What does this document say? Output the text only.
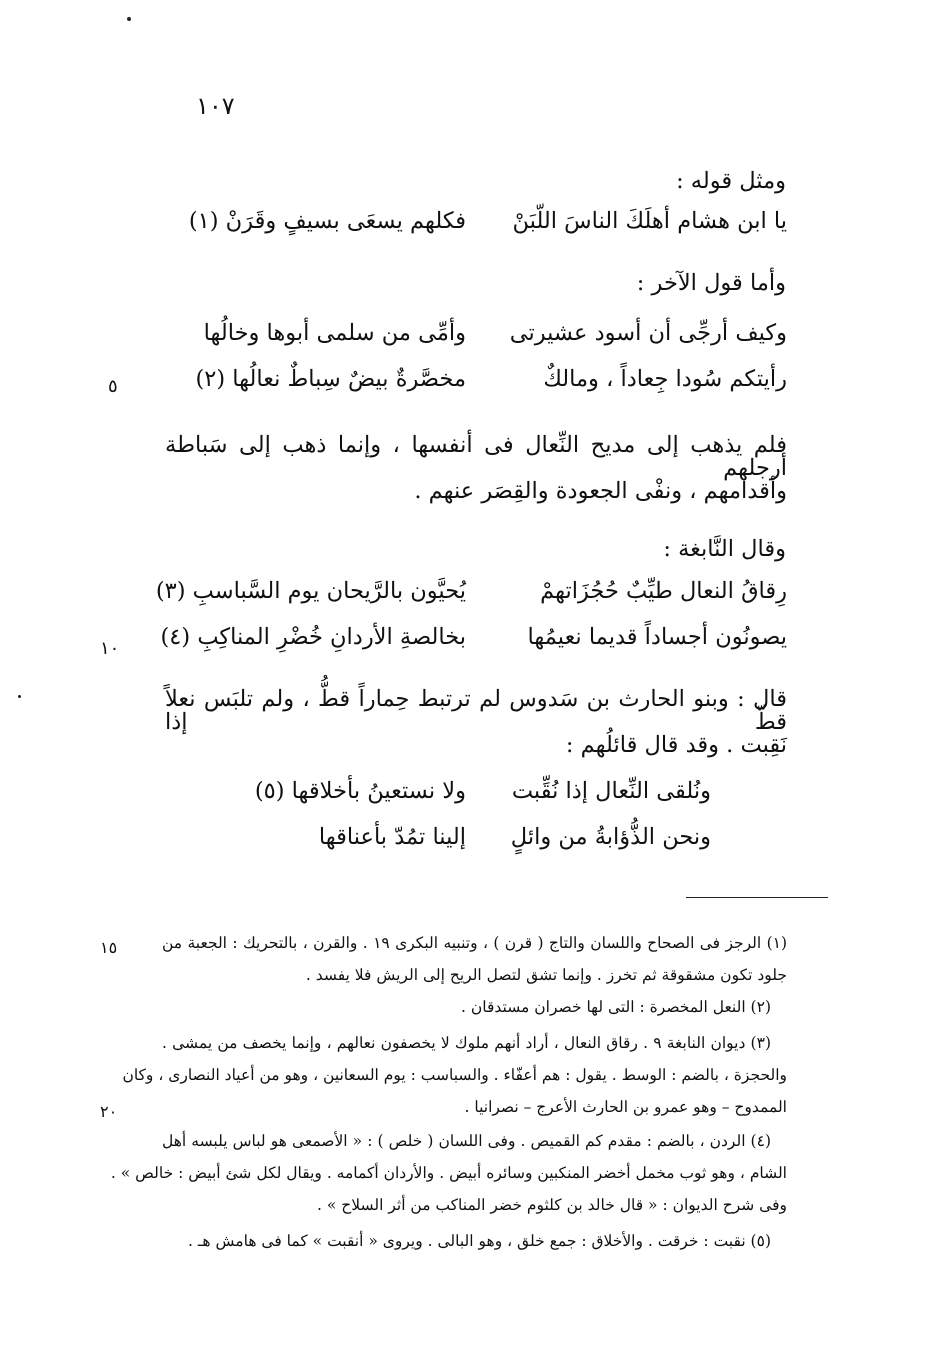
١٠٧
ومثل قوله :
يا ابن هشام أهلَكَ الناسَ اللّبَنْ
فكلهم يسعَى بسيفٍ وقَرَنْ (١)
وأما قول الآخر :
وكيف أرجِّى أن أسود عشيرتى
وأمِّى من سلمى أبوها وخالُها
رأيتكم سُودا جِعاداً ، ومالكٌ
مخصَّرةٌ بيضٌ سِباطٌ نعالُها (٢)
٥
فلم يذهب إلى مديح النِّعال فى أنفسها ، وإنما ذهب إلى سَباطة أرجلهم
وأقدامهم ، ونفْى الجعودة والقِصَر عنهم .
وقال النَّابغة :
رِقاقُ النعال طيِّبٌ حُجُزَاتهمْ
يُحيَّون بالرَّيحان يوم السَّباسبِ (٣)
يصونُون أجساداً قديما نعيمُها
بخالصةِ الأردانِ خُضْرِ المناكِبِ (٤)
١٠
قال : وبنو الحارث بن سَدوس لم ترتبط حِماراً قطُّ ، ولم تلبَس نعلاً قطّ إذا
نَقِبت . وقد قال قائلُهم :
ونُلقى النِّعال إذا نُقِّبت
ولا نستعينُ بأخلاقها (٥)
ونحن الذُّؤابةُ من وائلٍ
إلينا تمُدّ بأعناقها
(١) الرجز فى الصحاح واللسان والتاج ( قرن ) ، وتنبيه البكرى ١٩ . والقرن ، بالتحريك : الجعبة من
١٥
جلود تكون مشقوقة ثم تخرز . وإنما تشق لتصل الريح إلى الريش فلا يفسد .
(٢) النعل المخصرة : التى لها خصران مستدقان .
(٣) ديوان النابغة ٩ . رقاق النعال ، أراد أنهم ملوك لا يخصفون نعالهم ، وإنما يخصف من يمشى .
والحجزة ، بالضم : الوسط . يقول : هم أعفّاء . والسباسب : يوم السعانين ، وهو من أعياد النصارى ، وكان
الممدوح – وهو عمرو بن الحارث الأعرج – نصرانيا .
٢٠
(٤) الردن ، بالضم : مقدم كم القميص . وفى اللسان ( خلص ) : « الأصمعى هو لباس يلبسه أهل
الشام ، وهو ثوب مخمل أخضر المنكبين وسائره أبيض . والأردان أكمامه . ويقال لكل شئ أبيض : خالص » .
وفى شرح الديوان : « قال خالد بن كلثوم خضر المناكب من أثر السلاح » .
(٥) نقبت : خرقت . والأخلاق : جمع خلق ، وهو البالى . ويروى « أنقبت » كما فى هامش هـ .
